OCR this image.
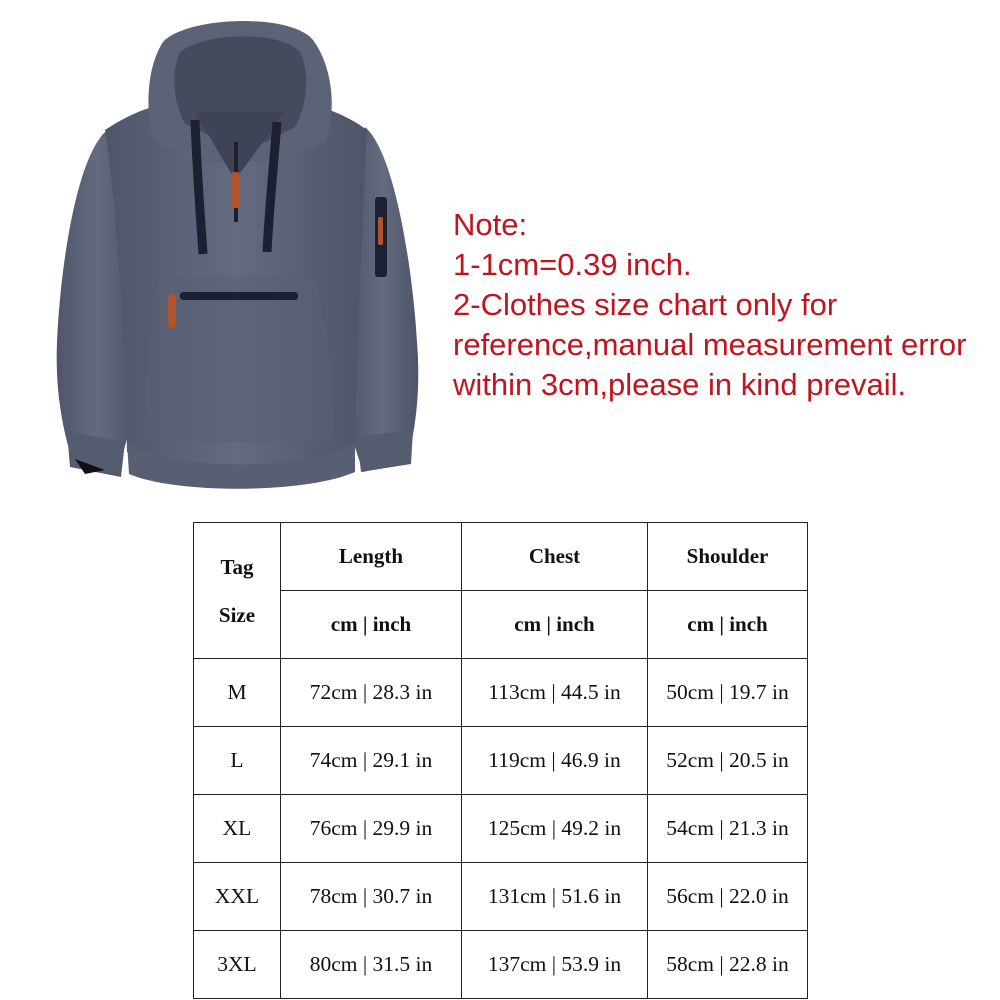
Note:
1-1cm=0.39 inch.
2-Clothes size chart only for
reference,manual measurement error
within 3cm,please in kind prevail.
Tag
Size	Length	Chest	Shoulder
	cm | inch	cm | inch	cm | inch
M	72cm | 28.3 in	113cm | 44.5 in	50cm | 19.7 in
L	74cm | 29.1 in	119cm | 46.9 in	52cm | 20.5 in
XL	76cm | 29.9 in	125cm | 49.2 in	54cm | 21.3 in
XXL	78cm | 30.7 in	131cm | 51.6 in	56cm | 22.0 in
3XL	80cm | 31.5 in	137cm | 53.9 in	58cm | 22.8 in
